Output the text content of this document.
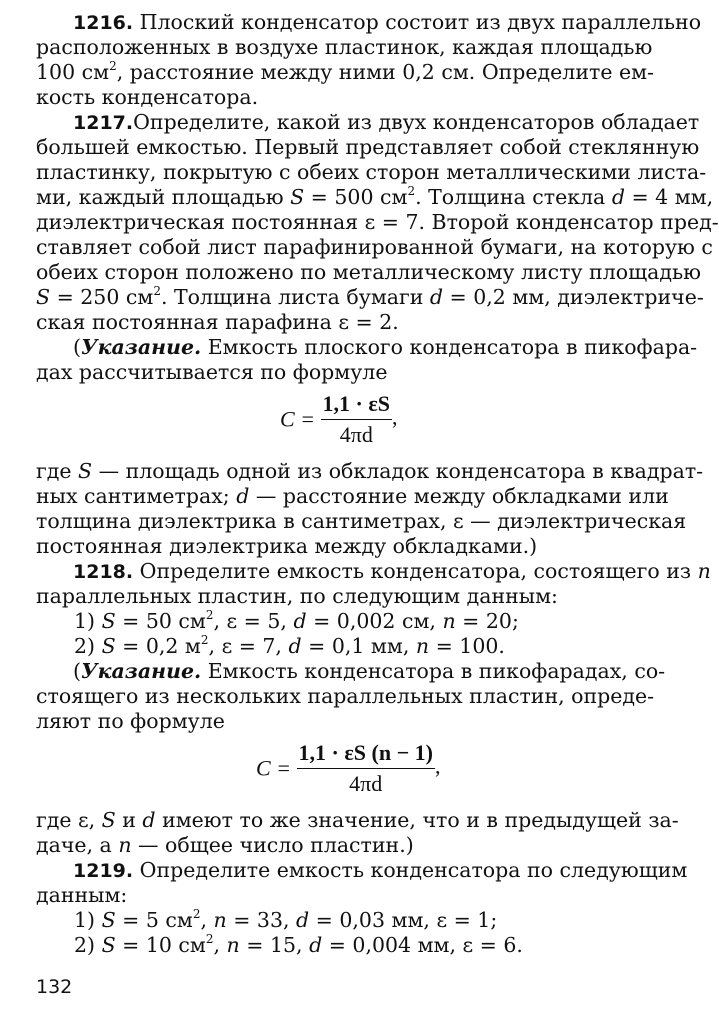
1216. Плоский конденсатор состоит из двух параллельно
расположенных в воздухе пластинок, каждая площадью
100 $см^2$, расстояние между ними 0,2 см. Определите ем-
кость конденсатора.
1217.Определите, какой из двух конденсаторов обладает
большей емкостью. Первый представляет собой стеклянную
пластинку, покрытую с обеих сторон металлическими листа-
ми, каждый площадью S = 500 $см^2$. Толщина стекла d = 4 мм,
диэлектрическая постоянная ε = 7. Второй конденсатор пред-
ставляет собой лист парафинированной бумаги, на которую с
обеих сторон положено по металлическому листу площадью
S = 250 $см^2$. Толщина листа бумаги d = 0,2 мм, диэлектриче-
ская постоянная парафина ε = 2.
(Указание. Емкость плоского конденсатора в пикофара-
дах рассчитывается по формуле
$C = \frac{1,1 \cdot \varepsilon S}{4\pi d}$ ,
где S — площадь одной из обкладок конденсатора в квадрат-
ных сантиметрах; d — расстояние между обкладками или
толщина диэлектрика в сантиметрах, ε — диэлектрическая
постоянная диэлектрика между обкладками.)
1218. Определите емкость конденсатора, состоящего из n
параллельных пластин, по следующим данным:
1) S = 50 $см^2$, ε = 5, d = 0,002 см, n = 20;
2) S = 0,2 $м^2$, ε = 7, d = 0,1 мм, n = 100.
(Указание. Емкость конденсатора в пикофарадах, со-
стоящего из нескольких параллельных пластин, опреде-
ляют по формуле
$C = \frac{1,1 \cdot \varepsilon S (n - 1)}{4\pi d}$ ,
где ε, S и d имеют то же значение, что и в предыдущей за-
даче, а n — общее число пластин.)
1219. Определите емкость конденсатора по следующим
данным:
1) S = 5 $см^2$, n = 33, d = 0,03 мм, ε = 1;
2) S = 10 $см^2$, n = 15, d = 0,004 мм, ε = 6.
132
